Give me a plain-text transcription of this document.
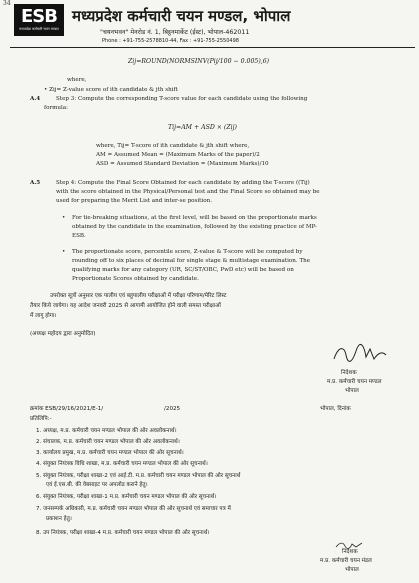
34
ESB
मध्यप्रदेश कर्मचारी चयन मण्डल
मध्यप्रदेश कर्मचारी चयन मण्डल, भोपाल
"चयनभवन" मेनरोड नं. 1, बिट्ठनमार्केट (ईस्ट), भोपाल-462011
Phone : +91-755-2578810-44, Fax : +91-755-2550498
Zij=ROUND(NORMSINV(Pij/100 − 0.005),6)
where,
• Zij= Z-value score of ith candidate & jth shift
A.4	Step 3: Compute the corresponding T-score value for each candidate using the following
formula:
Tij=AM + ASD × (Zij)
where, Tij= T-score of ith candidate & jth shift where,
AM = Assumed Mean = (Maximum Marks of the paper)/2
ASD = Assumed Standard Deviation = (Maximum Marks)/10
A.5	Step 4: Compute the Final Score Obtained for each candidate by adding the T-score ((Tij)
with the score obtained in the Physical/Personal test and the Final Score so obtained may be
used for preparing the Merit List and inter-se position.
• For tie-breaking situations, at the first level, will be based on the proportionate marks
obtained by the candidate in the examination, followed by the existing practice of MP-
ESB.
• The proportionate score, percentile score, Z-value & T-score will be computed by
rounding off to six places of decimal for single stage & multistage examination. The
qualifying marks for any category (UR, SC/ST/OBC, PwD etc) will be based on
Proportionate Scores obtained by candidate.
उपरोक्त सूत्रों अनुसार एक पालीय एवं बहुपालीय परीक्षाओं में परीक्षा परिणाम/मेरिट लिस्ट
तैयार किये जायेगा। यह आदेश जनवरी 2025 से आगामी आयोजित होने वाली समस्त परीक्षाओं
में लागू होगा।
(अध्यक्ष महोदय द्वारा अनुमोदित)
निदेशक
म.प्र. कर्मचारी चयन मण्डल
भोपाल
क्रमांक ESB/29/16/2021/E-1/	/2025	भोपाल, दिनांक
प्रतिलिपि:-
1. अध्यक्ष, म.प्र. कर्मचारी चयन मण्डल भोपाल की ओर अवलोकनार्थ।
2. संचालक, म.प्र. कर्मचारी चयन मण्डल भोपाल की ओर अवलोकनार्थ।
3. कार्यालय प्रमुख, म.प्र. कर्मचारी चयन मण्डल भोपाल की ओर सूचनार्थ।
4. संयुक्त नियंत्रक विधि शाखा, म.प्र. कर्मचारी चयन मण्डल भोपाल की ओर सूचनार्थ।
5. संयुक्त नियंत्रक, परीक्षा शाखा-2 एवं आई.टी. म.प्र. कर्मचारी चयन मण्डल भोपाल की ओर सूचनार्थ
एवं ई.एस.बी. की वेबसाइट पर अपलोड कराने हेतु।
6. संयुक्त नियंत्रक, परीक्षा शाखा-1 म.प्र. कर्मचारी चयन मण्डल भोपाल की ओर सूचनार्थ।
7. जनसम्पर्क अधिकारी, म.प्र. कर्मचारी चयन मण्डल भोपाल की ओर सूचनार्थ एवं समाचार पत्र में
प्रकाशन हेतु।
8. उप नियंत्रक, परीक्षा शाखा-4 म.प्र. कर्मचारी चयन मण्डल भोपाल की ओर सूचनार्थ।
निदेशक
म.प्र. कर्मचारी चयन मंडल
भोपाल
